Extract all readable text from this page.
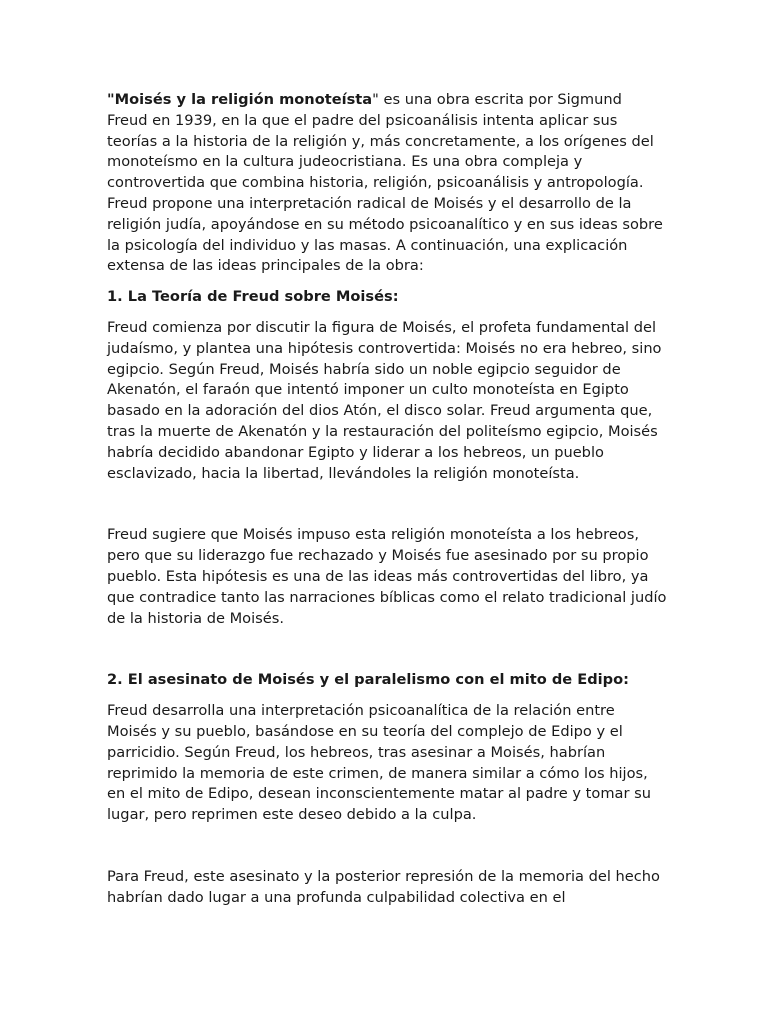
"Moisés y la religión monoteísta" es una obra escrita por Sigmund Freud en 1939, en la que el padre del psicoanálisis intenta aplicar sus teorías a la historia de la religión y, más concretamente, a los orígenes del monoteísmo en la cultura judeocristiana. Es una obra compleja y controvertida que combina historia, religión, psicoanálisis y antropología. Freud propone una interpretación radical de Moisés y el desarrollo de la religión judía, apoyándose en su método psicoanalítico y en sus ideas sobre la psicología del individuo y las masas. A continuación, una explicación extensa de las ideas principales de la obra:

1. La Teoría de Freud sobre Moisés:

Freud comienza por discutir la figura de Moisés, el profeta fundamental del judaísmo, y plantea una hipótesis controvertida: Moisés no era hebreo, sino egipcio. Según Freud, Moisés habría sido un noble egipcio seguidor de Akenatón, el faraón que intentó imponer un culto monoteísta en Egipto basado en la adoración del dios Atón, el disco solar. Freud argumenta que, tras la muerte de Akenatón y la restauración del politeísmo egipcio, Moisés habría decidido abandonar Egipto y liderar a los hebreos, un pueblo esclavizado, hacia la libertad, llevándoles la religión monoteísta.

Freud sugiere que Moisés impuso esta religión monoteísta a los hebreos, pero que su liderazgo fue rechazado y Moisés fue asesinado por su propio pueblo. Esta hipótesis es una de las ideas más controvertidas del libro, ya que contradice tanto las narraciones bíblicas como el relato tradicional judío de la historia de Moisés.

2. El asesinato de Moisés y el paralelismo con el mito de Edipo:

Freud desarrolla una interpretación psicoanalítica de la relación entre Moisés y su pueblo, basándose en su teoría del complejo de Edipo y el parricidio. Según Freud, los hebreos, tras asesinar a Moisés, habrían reprimido la memoria de este crimen, de manera similar a cómo los hijos, en el mito de Edipo, desean inconscientemente matar al padre y tomar su lugar, pero reprimen este deseo debido a la culpa.

Para Freud, este asesinato y la posterior represión de la memoria del hecho habrían dado lugar a una profunda culpabilidad colectiva en el
